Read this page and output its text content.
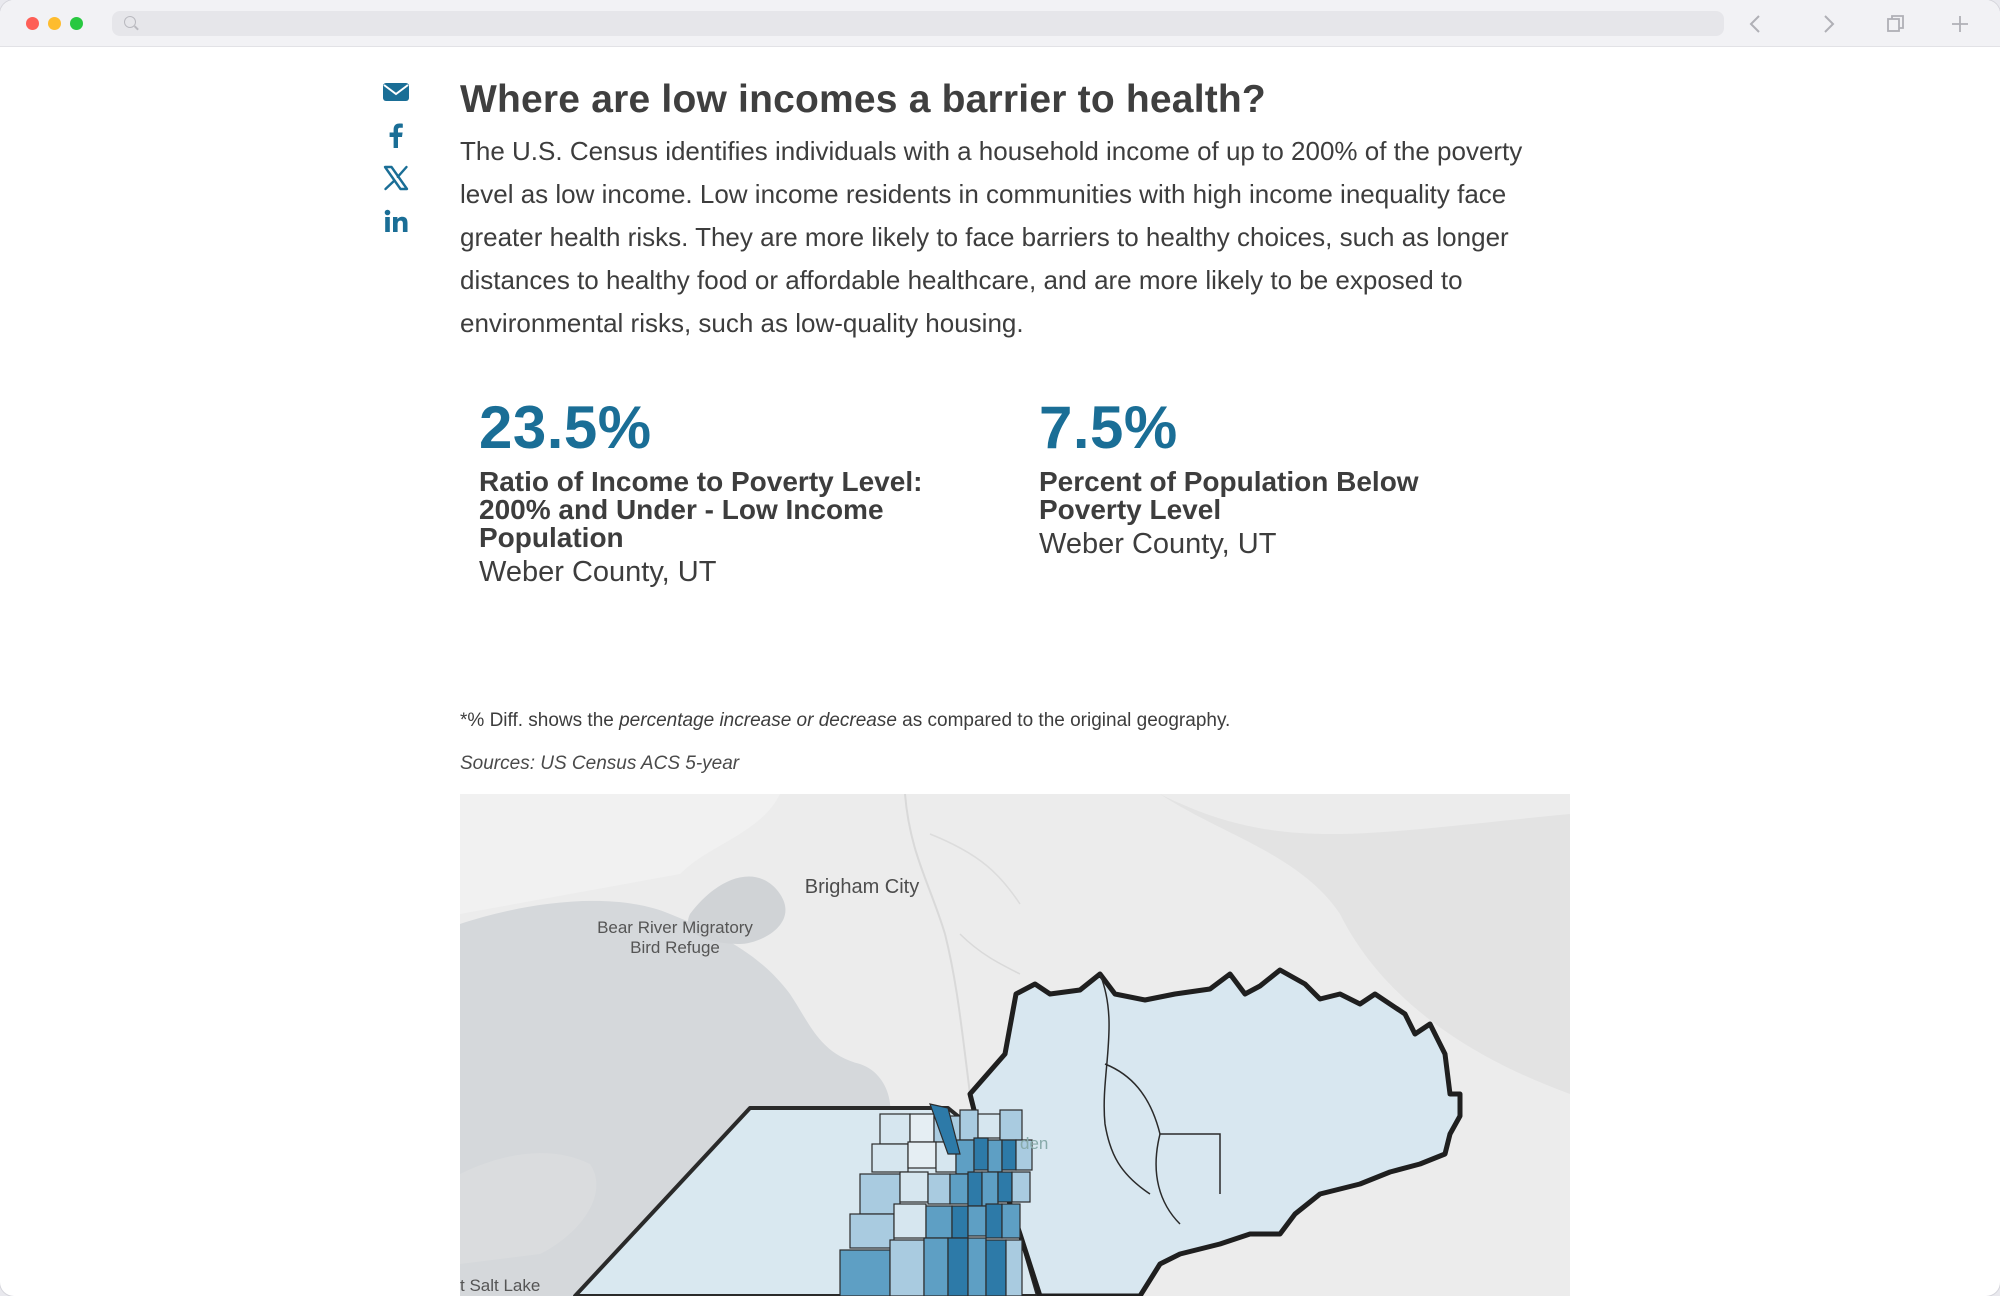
Where are low incomes a barrier to health?

The U.S. Census identifies individuals with a household income of up to 200% of the poverty level as low income. Low income residents in communities with high income inequality face greater health risks. They are more likely to face barriers to healthy choices, such as longer distances to healthy food or affordable healthcare, and are more likely to be exposed to environmental risks, such as low-quality housing.

23.5%
Ratio of Income to Poverty Level: 200% and Under - Low Income Population
Weber County, UT
7.5%
Percent of Population Below Poverty Level
Weber County, UT
*% Diff. shows the percentage increase or decrease as compared to the original geography.
Sources: US Census ACS 5-year
Brigham City
Bear River Migratory Bird Refuge
t Salt Lake
den
